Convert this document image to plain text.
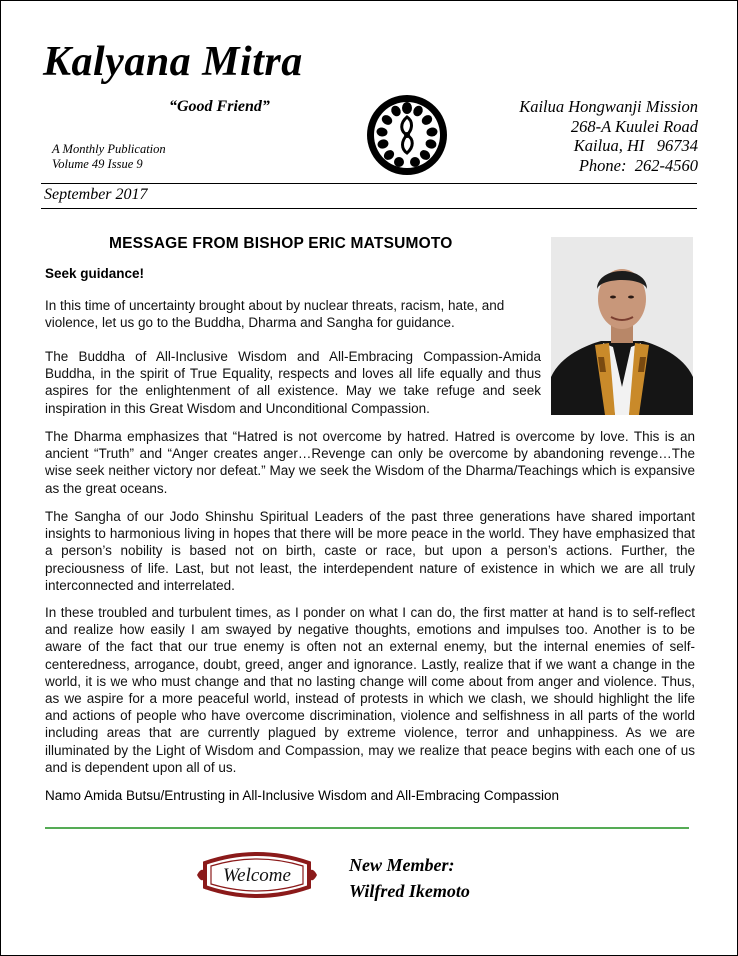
Kalyana Mitra
“Good Friend”
A Monthly Publication
Volume 49 Issue 9
Kailua Hongwanji Mission
268-A Kuulei Road
Kailua, HI   96734
Phone:  262-4560
September 2017
MESSAGE FROM BISHOP ERIC MATSUMOTO
Seek guidance!

In this time of uncertainty brought about by nuclear threats, racism, hate, and violence, let us go to the Buddha, Dharma and Sangha for guidance.

The Buddha of All-Inclusive Wisdom and All-Embracing Compassion-Amida Buddha, in the spirit of True Equality, respects and loves all life equally and thus aspires for the enlightenment of all existence. May we take refuge and seek inspiration in this Great Wisdom and Unconditional Compassion.

The Dharma emphasizes that “Hatred is not overcome by hatred. Hatred is overcome by love. This is an ancient “Truth” and “Anger creates anger…Revenge can only be overcome by abandoning revenge…The wise seek neither victory nor defeat.” May we seek the Wisdom of the Dharma/Teachings which is expansive as the great oceans.

The Sangha of our Jodo Shinshu Spiritual Leaders of the past three generations have shared important insights to harmonious living in hopes that there will be more peace in the world. They have emphasized that a person’s nobility is based not on birth, caste or race, but upon a person’s actions. Further, the preciousness of life. Last, but not least, the interdependent nature of existence in which we are all truly interconnected and interrelated.

In these troubled and turbulent times, as I ponder on what I can do, the first matter at hand is to self-reflect and realize how easily I am swayed by negative thoughts, emotions and impulses too. Another is to be aware of the fact that our true enemy is often not an external enemy, but the internal enemies of self-centeredness, arrogance, doubt, greed, anger and ignorance. Lastly, realize that if we want a change in the world, it is we who must change and that no lasting change will come about from anger and violence. Thus, as we aspire for a more peaceful world, instead of protests in which we clash, we should highlight the life and actions of people who have overcome discrimination, violence and selfishness in all parts of the world including areas that are currently plagued by extreme violence, terror and unhappiness. As we are illuminated by the Light of Wisdom and Compassion, may we realize that peace begins with each one of us and is dependent upon all of us.

Namo Amida Butsu/Entrusting in All-Inclusive Wisdom and All-Embracing Compassion
Welcome	New Member:
Wilfred Ikemoto
